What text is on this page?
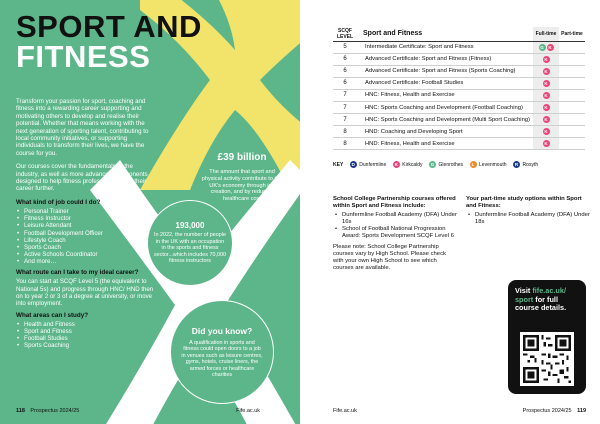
SPORT AND
FITNESS

Transform your passion for sport, coaching and fitness into a rewarding career supporting and motivating others to develop and realise their potential. Whether that means working with the next generation of sporting talent, contributing to local community initiatives, or supporting individuals to transform their lives, we have the course for you.

Our courses cover the fundamentals of the industry, as well as more advanced components designed to help fitness professionals take their career further.

What kind of job could I do?
• Personal Trainer
• Fitness Instructor
• Leisure Attendant
• Football Development Officer
• Lifestyle Coach
• Sports Coach
• Active Schools Coordinator
• And more…
What route can I take to my ideal career?
You can start at SCQF Level 5 (the equivalent to National 5s) and progress through HNC/ HND then on to year 2 or 3 of a degree at university, or move into employment.
What areas can I study?
• Health and Fitness
• Sport and Fitness
• Football Studies
• Sports Coaching
£39 billion
The amount that sport and physical activity contribute to the UK's economy through job creation, and by reducing healthcare cost
193,000
In 2022, the number of people in the UK with an occupation in the sports and fitness sector...which includes 70,000 fitness instructors
Did you know?
A qualification in sports and fitness could open doors to a job in venues such as leisure centres, gyms, hotels, cruise liners, the armed forces or healthcare charities
118 Prospectus 2024/25	Fife.ac.uk
SCQF LEVEL	Sport and Fitness	Full-time	Part-time
5	Intermediate Certificate: Sport and Fitness	G K	
6	Advanced Certificate: Sport and Fitness (Fitness)	K	
6	Advanced Certificate: Sport and Fitness (Sports Coaching)	K	
6	Advanced Certificate: Football Studies	K	
7	HNC: Fitness, Health and Exercise	K	
7	HNC: Sports Coaching and Development (Football Coaching)	K	
7	HNC: Sports Coaching and Development (Multi Sport Coaching)	K	
8	HND: Coaching and Developing Sport	K	
8	HND: Fitness, Health and Exercise	K	
KEY	D Dunfermline	K Kirkcaldy	G Glenrothes	L Levenmouth	R Rosyth
School College Partnership courses offered within Sport and Fitness include:
• Dunfermline Football Academy (DFA) Under 16s
• School of Football National Progression Award: Sports Development SCQF Level 6
Please note: School College Partnership courses vary by High School. Please check with your own High School to see which courses are available.
Your part-time study options within Sport and Fitness:
• Dunfermline Football Academy (DFA) Under 18s
Visit fife.ac.uk/ sport for full course details.
Fife.ac.uk	Prospectus 2024/25 119
